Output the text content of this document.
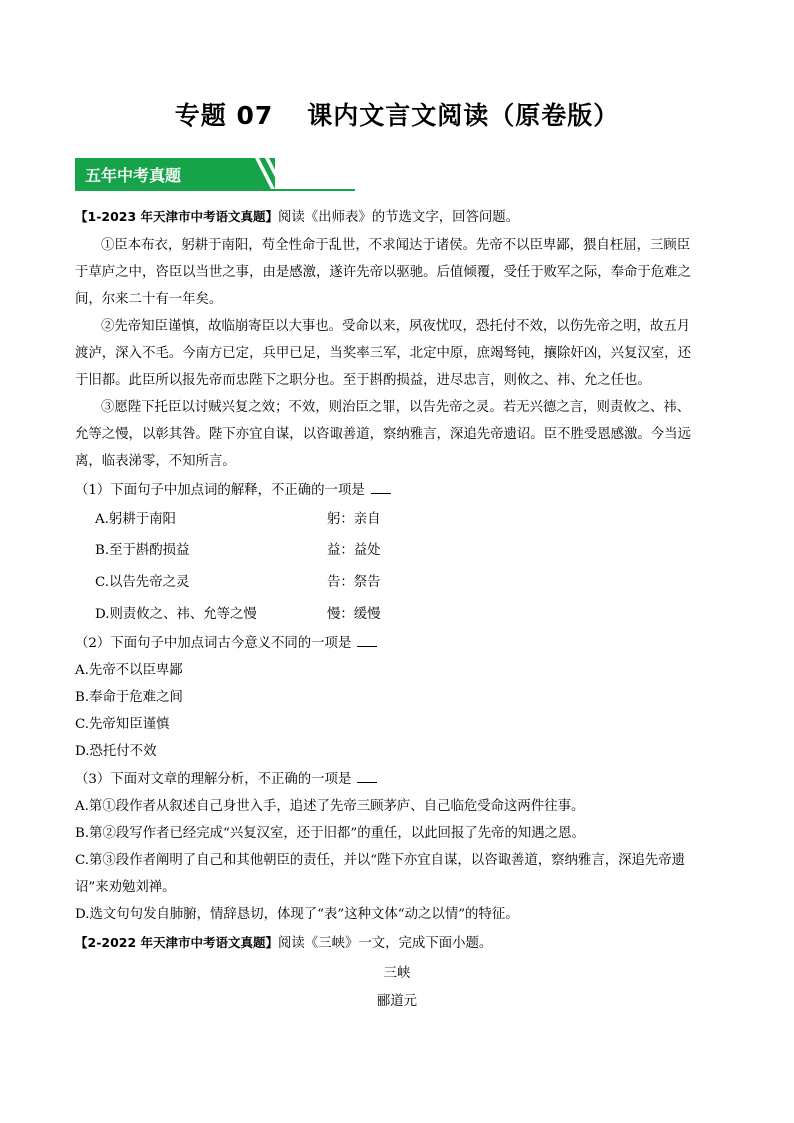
专题 07 课内文言文阅读（原卷版）
五年中考真题
【1-2023 年天津市中考语文真题】阅读《出师表》的节选文字，回答问题。
①臣本布衣，躬耕于南阳，苟全性命于乱世，不求闻达于诸侯。先帝不以臣卑鄙，猥自枉屈，三顾臣
于草庐之中，咨臣以当世之事，由是感激，遂许先帝以驱驰。后值倾覆，受任于败军之际，奉命于危难之
间，尔来二十有一年矣。
②先帝知臣谨慎，故临崩寄臣以大事也。受命以来，夙夜忧叹，恐托付不效，以伤先帝之明，故五月
渡泸，深入不毛。今南方已定，兵甲已足，当奖率三军，北定中原，庶竭驽钝，攘除奸凶，兴复汉室，还
于旧都。此臣所以报先帝而忠陛下之职分也。至于斟酌损益，进尽忠言，则攸之、祎、允之任也。
③愿陛下托臣以讨贼兴复之效；不效，则治臣之罪，以告先帝之灵。若无兴德之言，则责攸之、祎、
允等之慢，以彰其咎。陛下亦宜自谋，以咨诹善道，察纳雅言，深追先帝遗诏。臣不胜受恩感激。今当远
离，临表涕零，不知所言。
（1）下面句子中加点词的解释，不正确的一项是
A.躬耕于南阳	躬：亲自
B.至于斟酌损益	益：益处
C.以告先帝之灵	告：祭告
D.则责攸之、祎、允等之慢	慢：缓慢
（2）下面句子中加点词古今意义不同的一项是
A.先帝不以臣卑鄙
B.奉命于危难之间
C.先帝知臣谨慎
D.恐托付不效
（3）下面对文章的理解分析，不正确的一项是
A.第①段作者从叙述自己身世入手，追述了先帝三顾茅庐、自己临危受命这两件往事。
B.第②段写作者已经完成“兴复汉室，还于旧都”的重任，以此回报了先帝的知遇之恩。
C.第③段作者阐明了自己和其他朝臣的责任，并以“陛下亦宜自谋，以咨诹善道，察纳雅言，深追先帝遗
诏”来劝勉刘禅。
D.选文句句发自肺腑，情辞恳切，体现了“表”这种文体“动之以情”的特征。
【2-2022 年天津市中考语文真题】阅读《三峡》一文，完成下面小题。
三峡
郦道元
